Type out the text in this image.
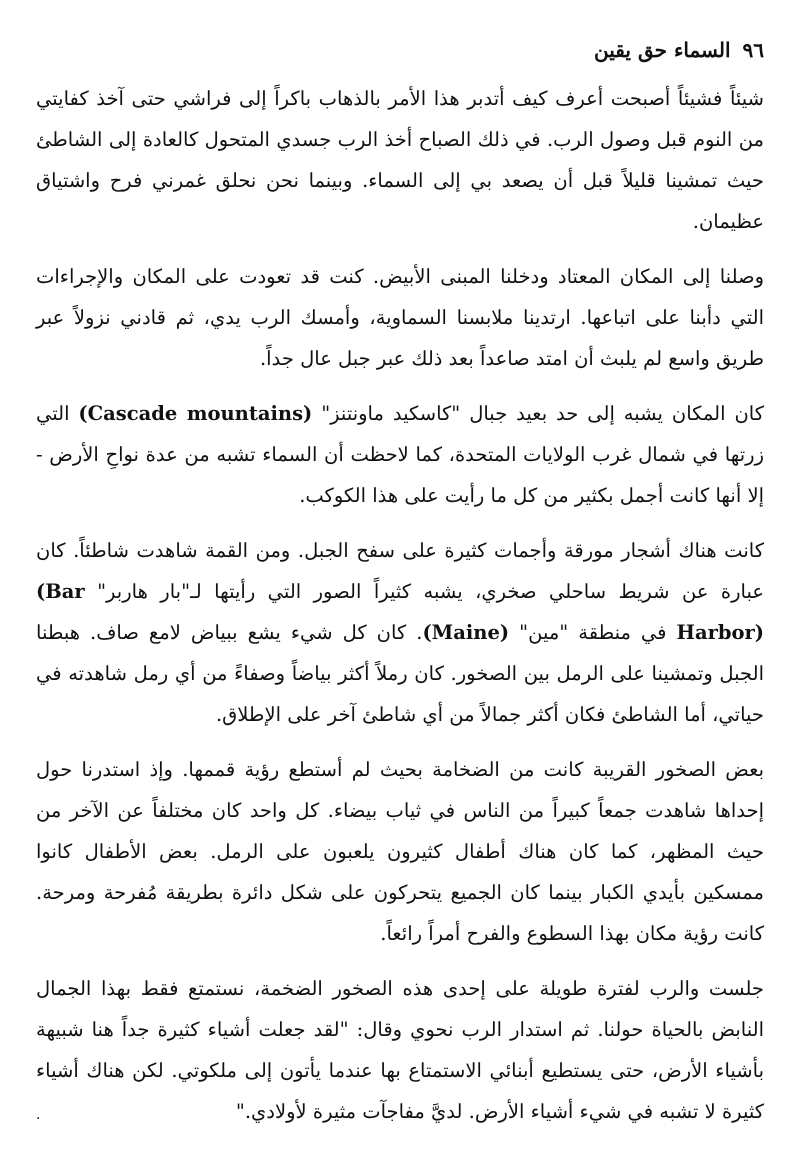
٩٦
السماء حق يقين

شيئاً فشيئاً أصبحت أعرف كيف أتدبر هذا الأمر بالذهاب باكراً إلى فراشي حتى آخذ كفايتي من النوم قبل وصول الرب. في ذلك الصباح أخذ الرب جسدي المتحول كالعادة إلى الشاطئ حيث تمشينا قليلاً قبل أن يصعد بي إلى السماء. وبينما نحن نحلق غمرني فرح واشتياق عظيمان.

وصلنا إلى المكان المعتاد ودخلنا المبنى الأبيض. كنت قد تعودت على المكان والإجراءات التي دأبنا على اتباعها. ارتدينا ملابسنا السماوية، وأمسك الرب يدي، ثم قادني نزولاً عبر طريق واسع لم يلبث أن امتد صاعداً بعد ذلك عبر جبل عال جداً.

كان المكان يشبه إلى حد بعيد جبال "كاسكيد ماونتنز" (Cascade mountains) التي زرتها في شمال غرب الولايات المتحدة، كما لاحظت أن السماء تشبه من عدة نواحِ الأرض - إلا أنها كانت أجمل بكثير من كل ما رأيت على هذا الكوكب.

كانت هناك أشجار مورقة وأجمات كثيرة على سفح الجبل. ومن القمة شاهدت شاطئاً. كان عبارة عن شريط ساحلي صخري، يشبه كثيراً الصور التي رأيتها لـ"بار هاربر" (Bar Harbor) في منطقة "مين" (Maine). كان كل شيء يشع ببياض لامع صاف. هبطنا الجبل وتمشينا على الرمل بين الصخور. كان رملاً أكثر بياضاً وصفاءً من أي رمل شاهدته في حياتي، أما الشاطئ فكان أكثر جمالاً من أي شاطئ آخر على الإطلاق.

بعض الصخور القريبة كانت من الضخامة بحيث لم أستطع رؤية قممها. وإذ استدرنا حول إحداها شاهدت جمعاً كبيراً من الناس في ثياب بيضاء. كل واحد كان مختلفاً عن الآخر من حيث المظهر، كما كان هناك أطفال كثيرون يلعبون على الرمل. بعض الأطفال كانوا ممسكين بأيدي الكبار بينما كان الجميع يتحركون على شكل دائرة بطريقة مُفرحة ومرحة. كانت رؤية مكان بهذا السطوع والفرح أمراً رائعاً.

جلست والرب لفترة طويلة على إحدى هذه الصخور الضخمة، نستمتع فقط بهذا الجمال النابض بالحياة حولنا. ثم استدار الرب نحوي وقال: "لقد جعلت أشياء كثيرة جداً هنا شبيهة بأشياء الأرض، حتى يستطيع أبنائي الاستمتاع بها عندما يأتون إلى ملكوتي. لكن هناك أشياء كثيرة لا تشبه في شيء أشياء الأرض. لديَّ مفاجآت مثيرة لأولادي."

.
